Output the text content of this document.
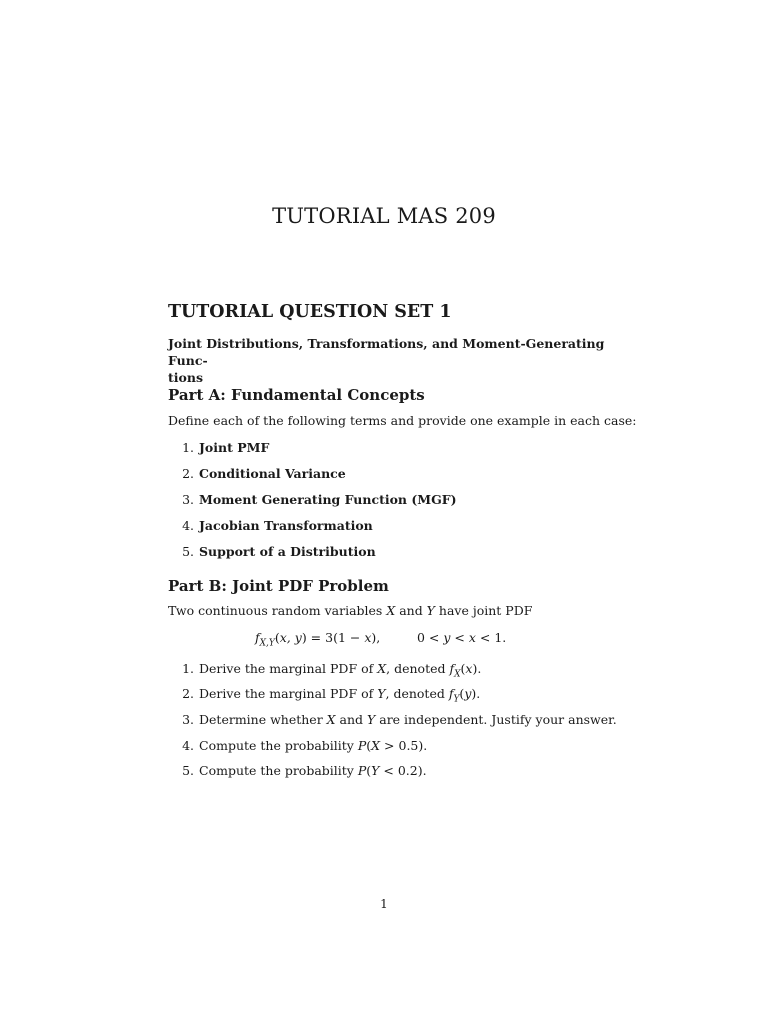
TUTORIAL MAS 209
TUTORIAL QUESTION SET 1
Joint Distributions, Transformations, and Moment-Generating Func-
tions
Part A: Fundamental Concepts

Define each of the following terms and provide one example in each case:

1. Joint PMF
2. Conditional Variance
3. Moment Generating Function (MGF)
4. Jacobian Transformation
5. Support of a Distribution
Part B: Joint PDF Problem

Two continuous random variables X and Y have joint PDF

$f_{X,Y}(x$, y) = 3(1 − x),	0 < y < x < 1.
1. Derive the marginal PDF of X, denoted $f_X(x)$.
2. Derive the marginal PDF of Y, denoted $f_Y(y)$.
3. Determine whether X and Y are independent. Justify your answer.
4. Compute the probability P(X > 0.5).
5. Compute the probability P(Y < 0.2).
1
